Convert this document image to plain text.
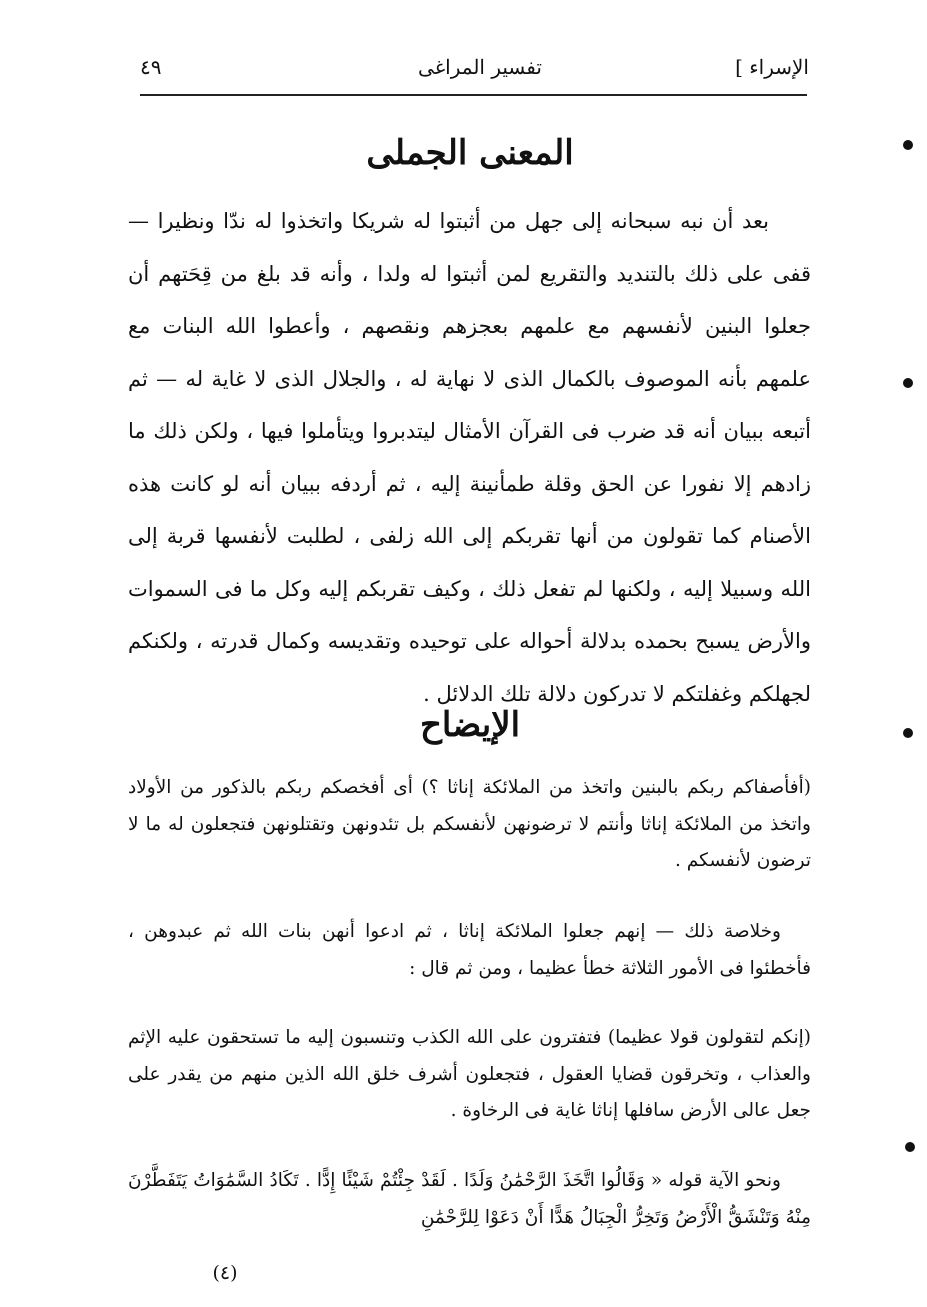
الإسراء ]
تفسير المراغى
٤٩
المعنى الجملى

بعد أن نبه سبحانه إلى جهل من أثبتوا له شريكا واتخذوا له ندّا ونظيرا — قفى على ذلك بالتنديد والتقريع لمن أثبتوا له ولدا ، وأنه قد بلغ من قِحَتهم أن جعلوا البنين لأنفسهم مع علمهم بعجزهم ونقصهم ، وأعطوا الله البنات مع علمهم بأنه الموصوف بالكمال الذى لا نهاية له ، والجلال الذى لا غاية له — ثم أتبعه ببيان أنه قد ضرب فى القرآن الأمثال ليتدبروا ويتأملوا فيها ، ولكن ذلك ما زادهم إلا نفورا عن الحق وقلة طمأنينة إليه ، ثم أردفه ببيان أنه لو كانت هذه الأصنام كما تقولون من أنها تقربكم إلى الله زلفى ، لطلبت لأنفسها قربة إلى الله وسبيلا إليه ، ولكنها لم تفعل ذلك ، وكيف تقربكم إليه وكل ما فى السموات والأرض يسبح بحمده بدلالة أحواله على توحيده وتقديسه وكمال قدرته ، ولكنكم لجهلكم وغفلتكم لا تدركون دلالة تلك الدلائل .

الإيضاح

(أفأصفاكم ربكم بالبنين واتخذ من الملائكة إناثا ؟) أى أفخصكم ربكم بالذكور من الأولاد واتخذ من الملائكة إناثا وأنتم لا ترضونهن لأنفسكم بل تئدونهن وتقتلونهن فتجعلون له ما لا ترضون لأنفسكم .

وخلاصة ذلك — إنهم جعلوا الملائكة إناثا ، ثم ادعوا أنهن بنات الله ثم عبدوهن ، فأخطئوا فى الأمور الثلاثة خطأ عظيما ، ومن ثم قال :

(إنكم لتقولون قولا عظيما) فتفترون على الله الكذب وتنسبون إليه ما تستحقون عليه الإثم والعذاب ، وتخرقون قضايا العقول ، فتجعلون أشرف خلق الله الذين منهم من يقدر على جعل عالى الأرض سافلها إناثا غاية فى الرخاوة .

ونحو الآية قوله « وَقَالُوا اتَّخَذَ الرَّحْمَٰنُ وَلَدًا . لَقَدْ جِئْتُمْ شَيْئًا إِدًّا . تَكَادُ السَّمَٰوَاتُ يَتَفَطَّرْنَ مِنْهُ وَتَنْشَقُّ الْأَرْضُ وَتَخِرُّ الْجِبَالُ هَدًّا أَنْ دَعَوْا لِلرَّحْمَٰنِ

(٤)
